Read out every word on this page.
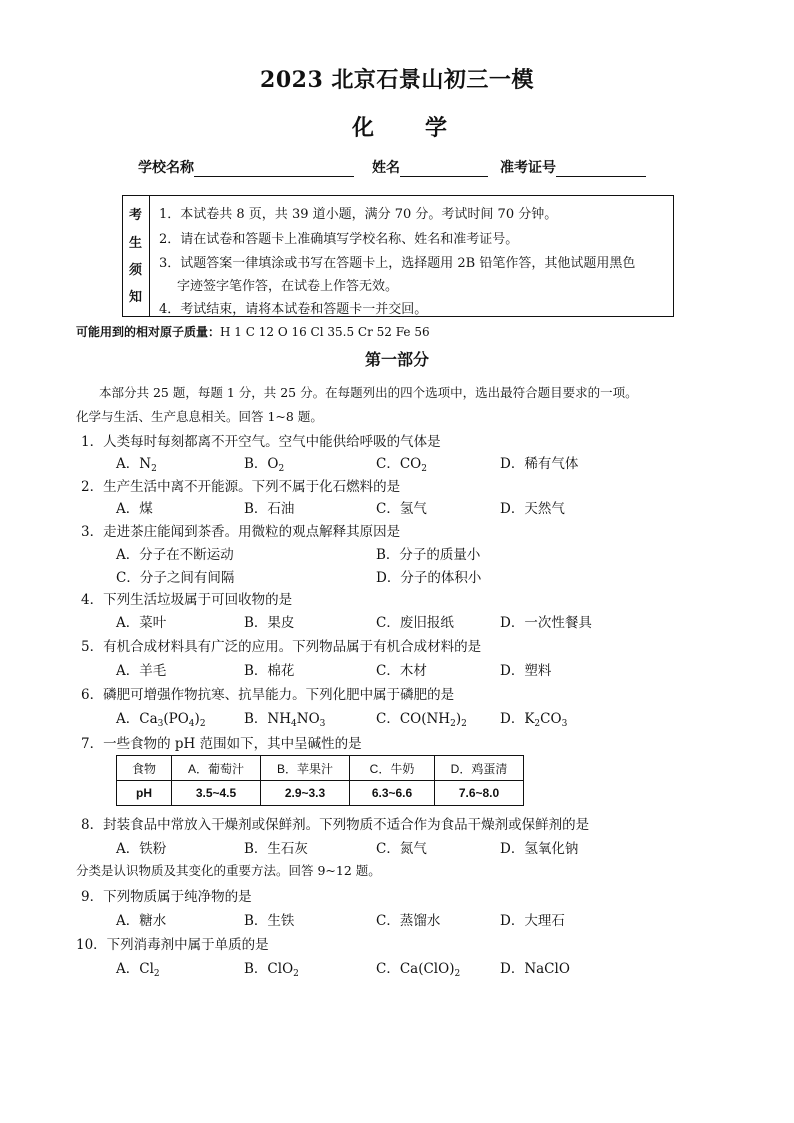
2023 北京石景山初三一模
化 学
学校名称	姓名	准考证号
考
生
须
知
1．本试卷共 8 页，共 39 道小题，满分 70 分。考试时间 70 分钟。
2．请在试卷和答题卡上准确填写学校名称、姓名和准考证号。
3．试题答案一律填涂或书写在答题卡上，选择题用 2B 铅笔作答，其他试题用黑色
字迹签字笔作答，在试卷上作答无效。
4．考试结束，请将本试卷和答题卡一并交回。
可能用到的相对原子质量：H 1 C 12 O 16 Cl 35.5 Cr 52 Fe 56
第一部分
本部分共 25 题，每题 1 分，共 25 分。在每题列出的四个选项中，选出最符合题目要求的一项。
化学与生活、生产息息相关。回答 1~8 题。
1．人类每时每刻都离不开空气。空气中能供给呼吸的气体是
A．$N_2$	B．$O_2$	C．$CO_2$	D．稀有气体
2．生产生活中离不开能源。下列不属于化石燃料的是
A．煤	B．石油	C．氢气	D．天然气
3．走进茶庄能闻到茶香。用微粒的观点解释其原因是
A．分子在不断运动	B．分子的质量小
C．分子之间有间隔	D．分子的体积小
4．下列生活垃圾属于可回收物的是
A．菜叶	B．果皮	C．废旧报纸	D．一次性餐具
5．有机合成材料具有广泛的应用。下列物品属于有机合成材料的是
A．羊毛	B．棉花	C．木材	D．塑料
6．磷肥可增强作物抗寒、抗旱能力。下列化肥中属于磷肥的是
A．$Ca_3(PO_4)_2$	B．$NH_4NO_3$	C．$CO(NH_2)_2$ D．$K_2CO_3$
7．一些食物的 pH 范围如下，其中呈碱性的是
食物	A．葡萄汁	B．苹果汁	C．牛奶	D．鸡蛋清
pH	3.5~4.5	2.9~3.3	6.3~6.6	7.6~8.0
8．封装食品中常放入干燥剂或保鲜剂。下列物质不适合作为食品干燥剂或保鲜剂的是
A．铁粉	B．生石灰	C．氮气	D．氢氧化钠
分类是认识物质及其变化的重要方法。回答 9~12 题。
9．下列物质属于纯净物的是
A．糖水	B．生铁	C．蒸馏水	D．大理石
10．下列消毒剂中属于单质的是
A．$Cl_2$	B．ClO$_2$	C．$Ca(ClO)_2$	D．NaClO
